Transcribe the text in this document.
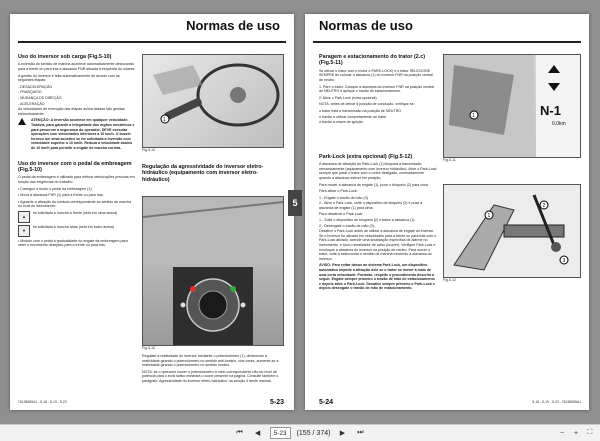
Normas de uso
Uso do inversor sob carga (Fig.5-10)
A inversão do sentido de marcha acontece automaticamente deslocando para a frente ou para trás a alavanca FNR situada à esquerda do volante.
A gestão do inversor é feita automaticamente de acordo com as seguintes etapas:
- DESACELERAÇÃO
- FRANQUEIO
- MUDANÇA DE DIREÇÃO
- ACELERAÇÃO
As velocidades de execução das etapas acima citadas são geridas eletronicamente.
ATENÇÃO: A inversão acontece em qualquer velocidade. Todavia, para garantir a integridade das órgãos mecânicos e para preservar a segurança do operador, DEVE executar operações com velocidades inferiores a 10 km/h. O buzzer fornece um sinal acústico se for solicitada a inversão com velocidade superior a 10 km/h. Reduza a velocidade abaixo de 10 km/h para permitir a engate de marcha correta.
Uso do inversor com o pedal da embreagem (Fig.5-10)
O pedal da embreagem é utilizado para efetuar deslocações precisas em função das exigências do trabalho.
• Carregue a fundo o pedal da embreagem (1).
• Mova a alavanca FNR (1) para a frente ou para trás.
• Aguarde a ativação do símbolo correspondente ao sentido de marcha no ecrã do instrumento:
▲
foi solicitada a marcha à frente (seta em cima acesa)
▼
foi solicitada a marcha atrás (seta em baixo acesa)
• Module com o pedal a gradualidade do engate da embreagem para obter o movimento desejado para a frente ou para trás.
1
Fig.5-10
Regulação da agressividade do inversor eletro-hidráulico (equipamento com inversor eletro-hidráulico)
Fig.5-10
Regulate a reatividade do inversor mediante o potenciómetro (1), diminuindo a reatividade girando o potenciómetro no sentido anti-horário, vice-versa, aumente-se a reatividade girando o potenciómetro no sentido horário.
NOTA: se o operador mover o potenciómetro a meio correspondente não do nível de potência para o ecrã nativo mostrará o ícone presente na pagina. Consulte também o parágrafo 'Agressividade do inversor eletro-hidráulico' na secção 4 deste manual.
76138589A1 - 5-18 - 5-19 - 5-23	5-23
5
Normas de uso
Paragem e estacionamento do trator (2.c) (Fig.5-11)
Se deixar o trator com o motor e PARK-LOCK) e o trator SELECIONE SEMPRE de colocar a alavanca (1) do inversor FNR na posição central de neutro.
1. Pare o trator. Coloque a alavanca do inversor FNR na posição central de NEUTRO e aplique o travão de estacionamento.
2. Ative o Park Lock (extra opcional).
NOTA: antes de deixar a posição de condução, verifique se:
o trator está a transmissão na posição de NEUTRO
o travão a utilizar completamente ao trator
o travão a chave de ignição
Park-Lock (extra opcional) (Fig.5-12)
A alavanca de ativação do Park-Lock (1) bloqueia a transmissão mecanicamente (equipamento com inversor hidráulico). Ative o Park-Lock sempre que parar o trator com o motor desligado, nomeadamente quando a alavanca estiver em posição.
Para mover a alavanca de engate (1), puxe o bloqueio (2) para cima.
Para ativar o Park-Lock:
1 - Engate o travão de mão (3)
2 - Ative o Park-Lock, solte o dispositivo de bloqueio (2) e puxe a alavanca de engate (1) para cima.
Para desativar o Park-Lock:
1 - Solte o dispositivo de bloqueio (2) e baixe a alavanca (1).
2 - Desengate o travão de mão (3).
Desative o Park-Lock antes de utilizar a alavanca de engate do inversor. Se o inversor for ativado em velocidades para a frente ou para trás com o Park-Lock ativado, acende uma sinalização específica de alarme no instrumento, e toca o sinalizador de aviso (buzzer). Verifique Park-Lock e recoloque a alavanca do inversor na posição de neutro. Para mover o trator, volte a seleccionar o sentido de marcha movendo a alavanca do inversor.
AVISO: Para evitar danos ao sistema Park-Lock, um dispositivo automático impede a ativação dele se o trator se mover a mais de uma certa velocidade. Portanto, respeite o procedimento descrito a seguir. Engate sempre primeiro o travão de mão de estacionamento e depois ative o Park-Lock. Desative sempre primeiro o Park-Lock e depois desengate o travão de mão de estacionamento.
1	N-1
0.0km
Fig.5-11
1
2
3
Fig.5-12
5-24	5-18 - 5-19 - 5-23 - 76138589A1
⏮	◀	5-23	(155 / 374)	▶	⏭	−	+	⛶
